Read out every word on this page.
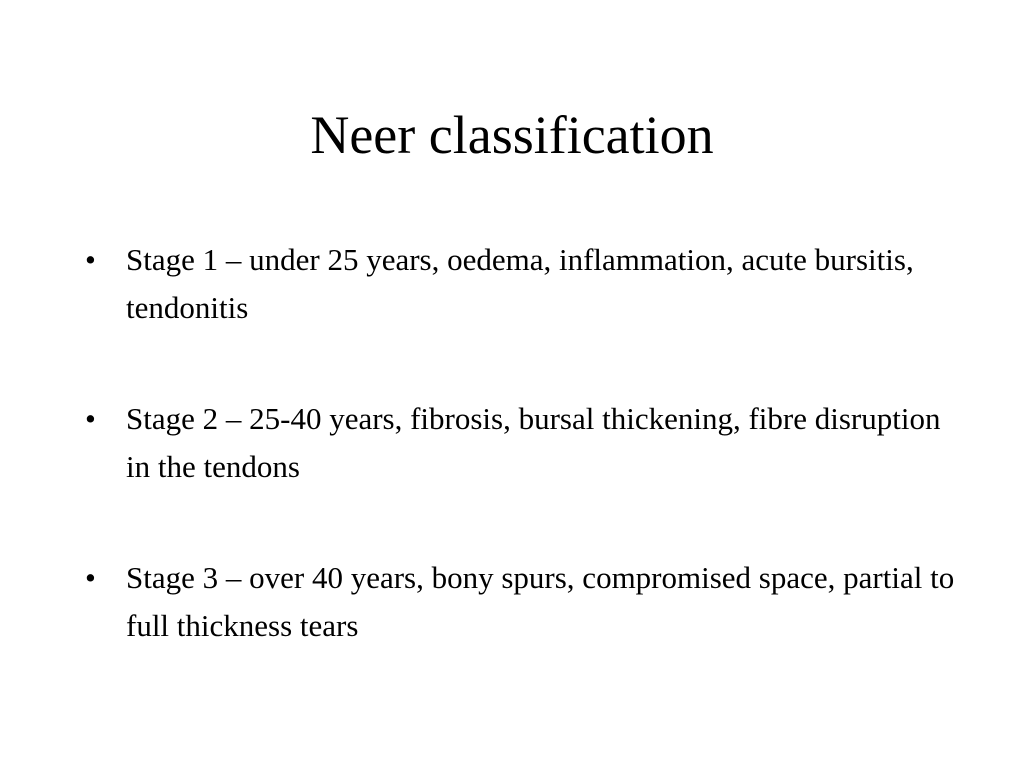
Neer classification
• Stage 1 – under 25 years, oedema, inflammation, acute bursitis, tendonitis
• Stage 2 – 25-40 years, fibrosis, bursal thickening, fibre disruption in the tendons
• Stage 3 – over 40 years, bony spurs, compromised space, partial to full thickness tears
